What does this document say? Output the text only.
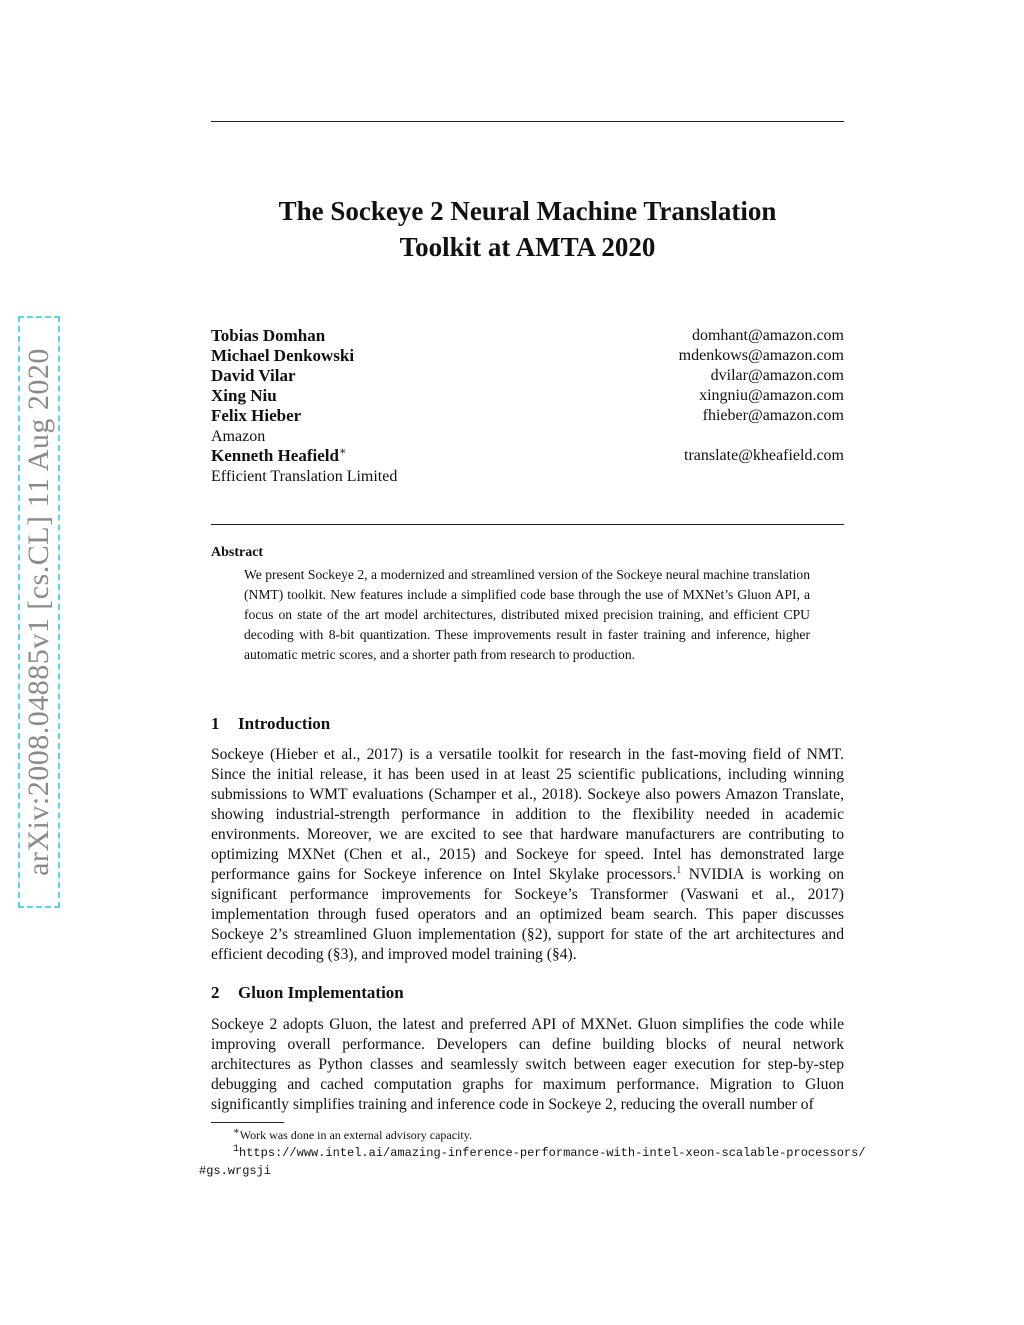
arXiv:2008.04885v1 [cs.CL] 11 Aug 2020
The Sockeye 2 Neural Machine Translation
Toolkit at AMTA 2020
Tobias Domhan	domhant@amazon.com
Michael Denkowski	mdenkows@amazon.com
David Vilar	dvilar@amazon.com
Xing Niu	xingniu@amazon.com
Felix Hieber	fhieber@amazon.com
Amazon
Kenneth Heafield∗	translate@kheafield.com
Efficient Translation Limited
Abstract
We present Sockeye 2, a modernized and streamlined version of the Sockeye neural machine translation (NMT) toolkit. New features include a simplified code base through the use of MXNet’s Gluon API, a focus on state of the art model architectures, distributed mixed precision training, and efficient CPU decoding with 8-bit quantization. These improvements result in faster training and inference, higher automatic metric scores, and a shorter path from research to production.
1 Introduction
Sockeye (Hieber et al., 2017) is a versatile toolkit for research in the fast-moving field of NMT. Since the initial release, it has been used in at least 25 scientific publications, including winning submissions to WMT evaluations (Schamper et al., 2018). Sockeye also powers Amazon Translate, showing industrial-strength performance in addition to the flexibility needed in academic environments. Moreover, we are excited to see that hardware manufacturers are contributing to optimizing MXNet (Chen et al., 2015) and Sockeye for speed. Intel has demonstrated large performance gains for Sockeye inference on Intel Skylake processors.$^1$ NVIDIA is working on significant performance improvements for Sockeye’s Transformer (Vaswani et al., 2017) implementation through fused operators and an optimized beam search. This paper discusses Sockeye 2’s streamlined Gluon implementation (§2), support for state of the art architectures and efficient decoding (§3), and improved model training (§4).
2 Gluon Implementation
Sockeye 2 adopts Gluon, the latest and preferred API of MXNet. Gluon simplifies the code while improving overall performance. Developers can define building blocks of neural network architectures as Python classes and seamlessly switch between eager execution for step-by-step debugging and cached computation graphs for maximum performance. Migration to Gluon significantly simplifies training and inference code in Sockeye 2, reducing the overall number of
∗Work was done in an external advisory capacity.
$^1$https://www.intel.ai/amazing-inference-performance-with-intel-xeon-scalable-processors/
#gs.wrgsji
